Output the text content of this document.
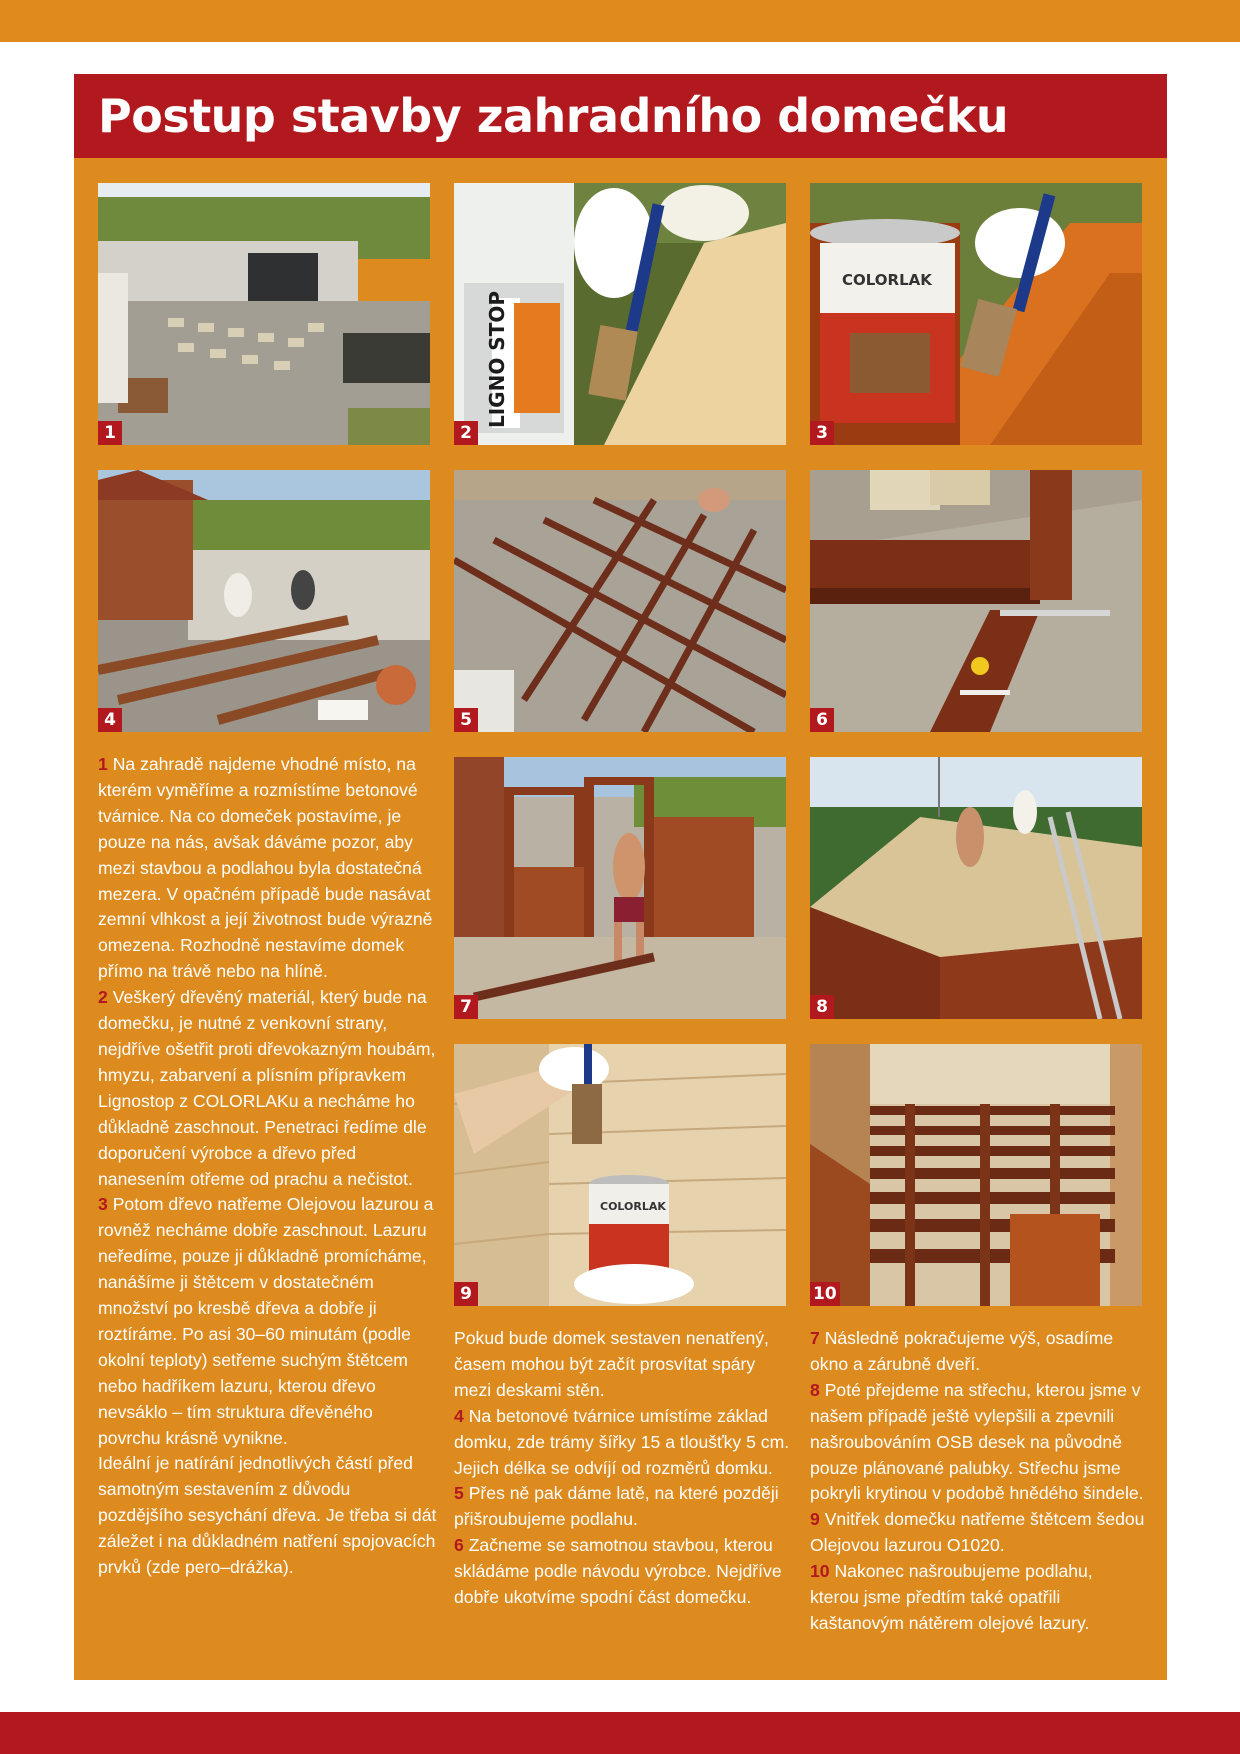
Postup stavby zahradního domečku
1
LIGNO STOP
2
COLORLAK
3
4	5	6
7	8
COLORLAK
9	10

1 Na zahradě najdeme vhodné místo, na kterém vyměříme a rozmístíme betonové tvárnice. Na co domeček postavíme, je pouze na nás, avšak dáváme pozor, aby mezi stavbou a podlahou byla dostatečná mezera. V opačném případě bude nasávat zemní vlhkost a její životnost bude výrazně omezena. Rozhodně nestavíme domek přímo na trávě nebo na hlíně.

2 Veškerý dřevěný materiál, který bude na domečku, je nutné z venkovní strany, nejdříve ošetřit proti dřevokazným houbám, hmyzu, zabarvení a plísním přípravkem Lignostop z COLORLAKu a necháme ho důkladně zaschnout. Penetraci ředíme dle doporučení výrobce a dřevo před nanesením otřeme od prachu a nečistot.

3 Potom dřevo natřeme Olejovou lazurou a rovněž necháme dobře zaschnout. Lazuru neředíme, pouze ji důkladně promícháme, nanášíme ji štětcem v dostatečném množství po kresbě dřeva a dobře ji roztíráme. Po asi 30–60 minutám (podle okolní teploty) setřeme suchým štětcem nebo hadříkem lazuru, kterou dřevo nevsáklo – tím struktura dřevěného povrchu krásně vynikne.

Ideální je natírání jednotlivých částí před samotným sestavením z důvodu pozdějšího sesychání dřeva. Je třeba si dát záležet i na důkladném natření spojovacích prvků (zde pero–drážka).

Pokud bude domek sestaven nenatřený, časem mohou být začít prosvítat spáry mezi deskami stěn.

4 Na betonové tvárnice umístíme základ domku, zde trámy šířky 15 a tloušťky 5 cm. Jejich délka se odvíjí od rozměrů domku.

5 Přes ně pak dáme latě, na které později přišroubujeme podlahu.

6 Začneme se samotnou stavbou, kterou skládáme podle návodu výrobce. Nejdříve dobře ukotvíme spodní část domečku.

7 Následně pokračujeme výš, osadíme okno a zárubně dveří.

8 Poté přejdeme na střechu, kterou jsme v našem případě ještě vylepšili a zpevnili našroubováním OSB desek na původně pouze plánované palubky. Střechu jsme pokryli krytinou v podobě hnědého šindele.

9 Vnitřek domečku natřeme štětcem šedou Olejovou lazurou O1020.

10 Nakonec našroubujeme podlahu, kterou jsme předtím také opatřili kaštanovým nátěrem olejové lazury.
